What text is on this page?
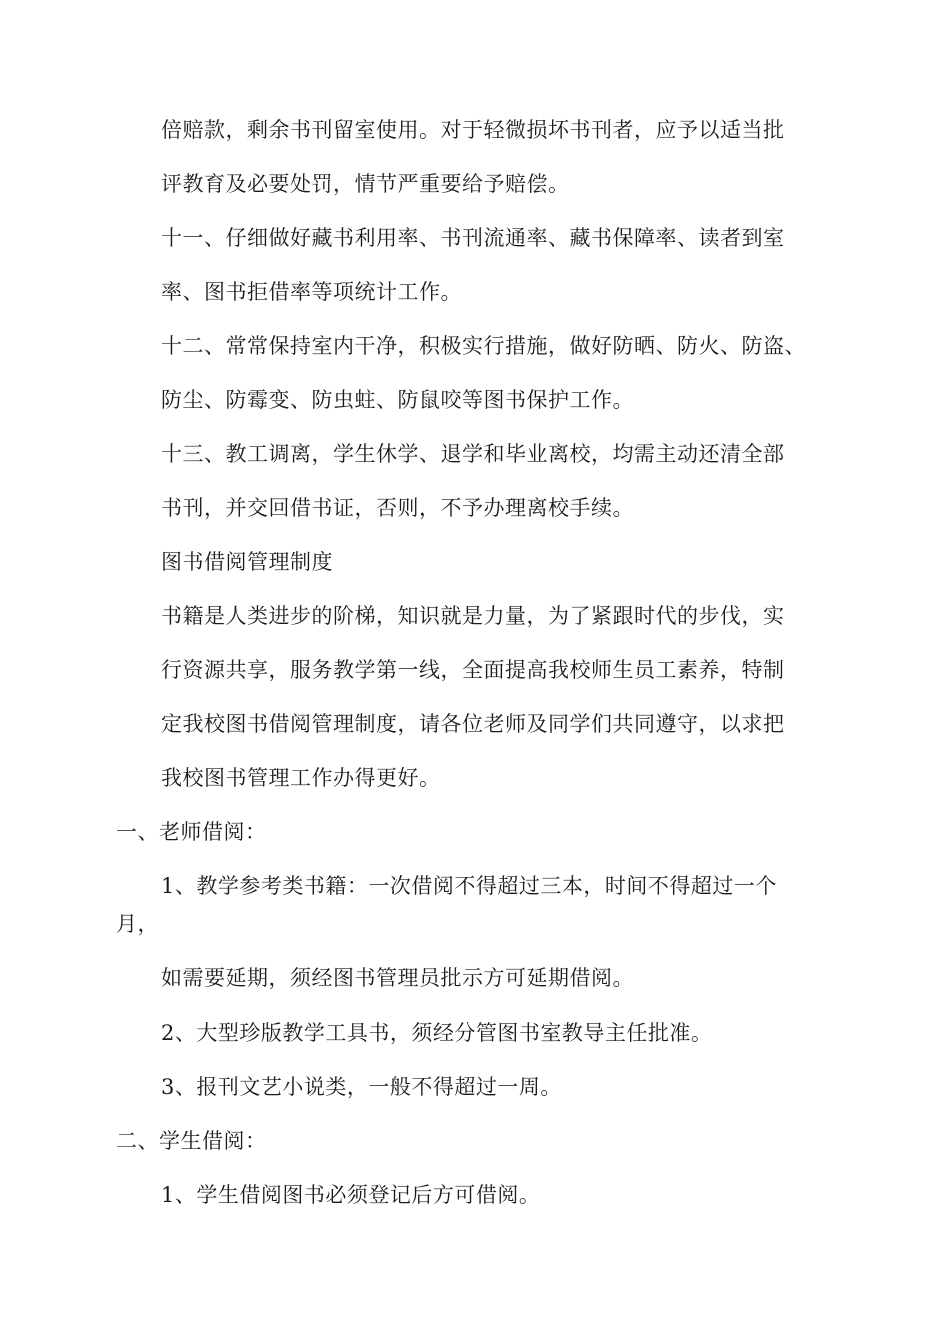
倍赔款，剩余书刊留室使用。对于轻微损坏书刊者，应予以适当批
评教育及必要处罚，情节严重要给予赔偿。
十一、仔细做好藏书利用率、书刊流通率、藏书保障率、读者到室
率、图书拒借率等项统计工作。
十二、常常保持室内干净，积极实行措施，做好防晒、防火、防盗、
防尘、防霉变、防虫蛀、防鼠咬等图书保护工作。
十三、教工调离，学生休学、退学和毕业离校，均需主动还清全部
书刊，并交回借书证，否则，不予办理离校手续。
图书借阅管理制度
书籍是人类进步的阶梯，知识就是力量，为了紧跟时代的步伐，实
行资源共享，服务教学第一线，全面提高我校师生员工素养，特制
定我校图书借阅管理制度，请各位老师及同学们共同遵守，以求把
我校图书管理工作办得更好。
一、老师借阅：
1、教学参考类书籍：一次借阅不得超过三本，时间不得超过一个
月，
如需要延期，须经图书管理员批示方可延期借阅。
2、大型珍版教学工具书，须经分管图书室教导主任批准。
3、报刊文艺小说类，一般不得超过一周。
二、学生借阅：
1、学生借阅图书必须登记后方可借阅。
